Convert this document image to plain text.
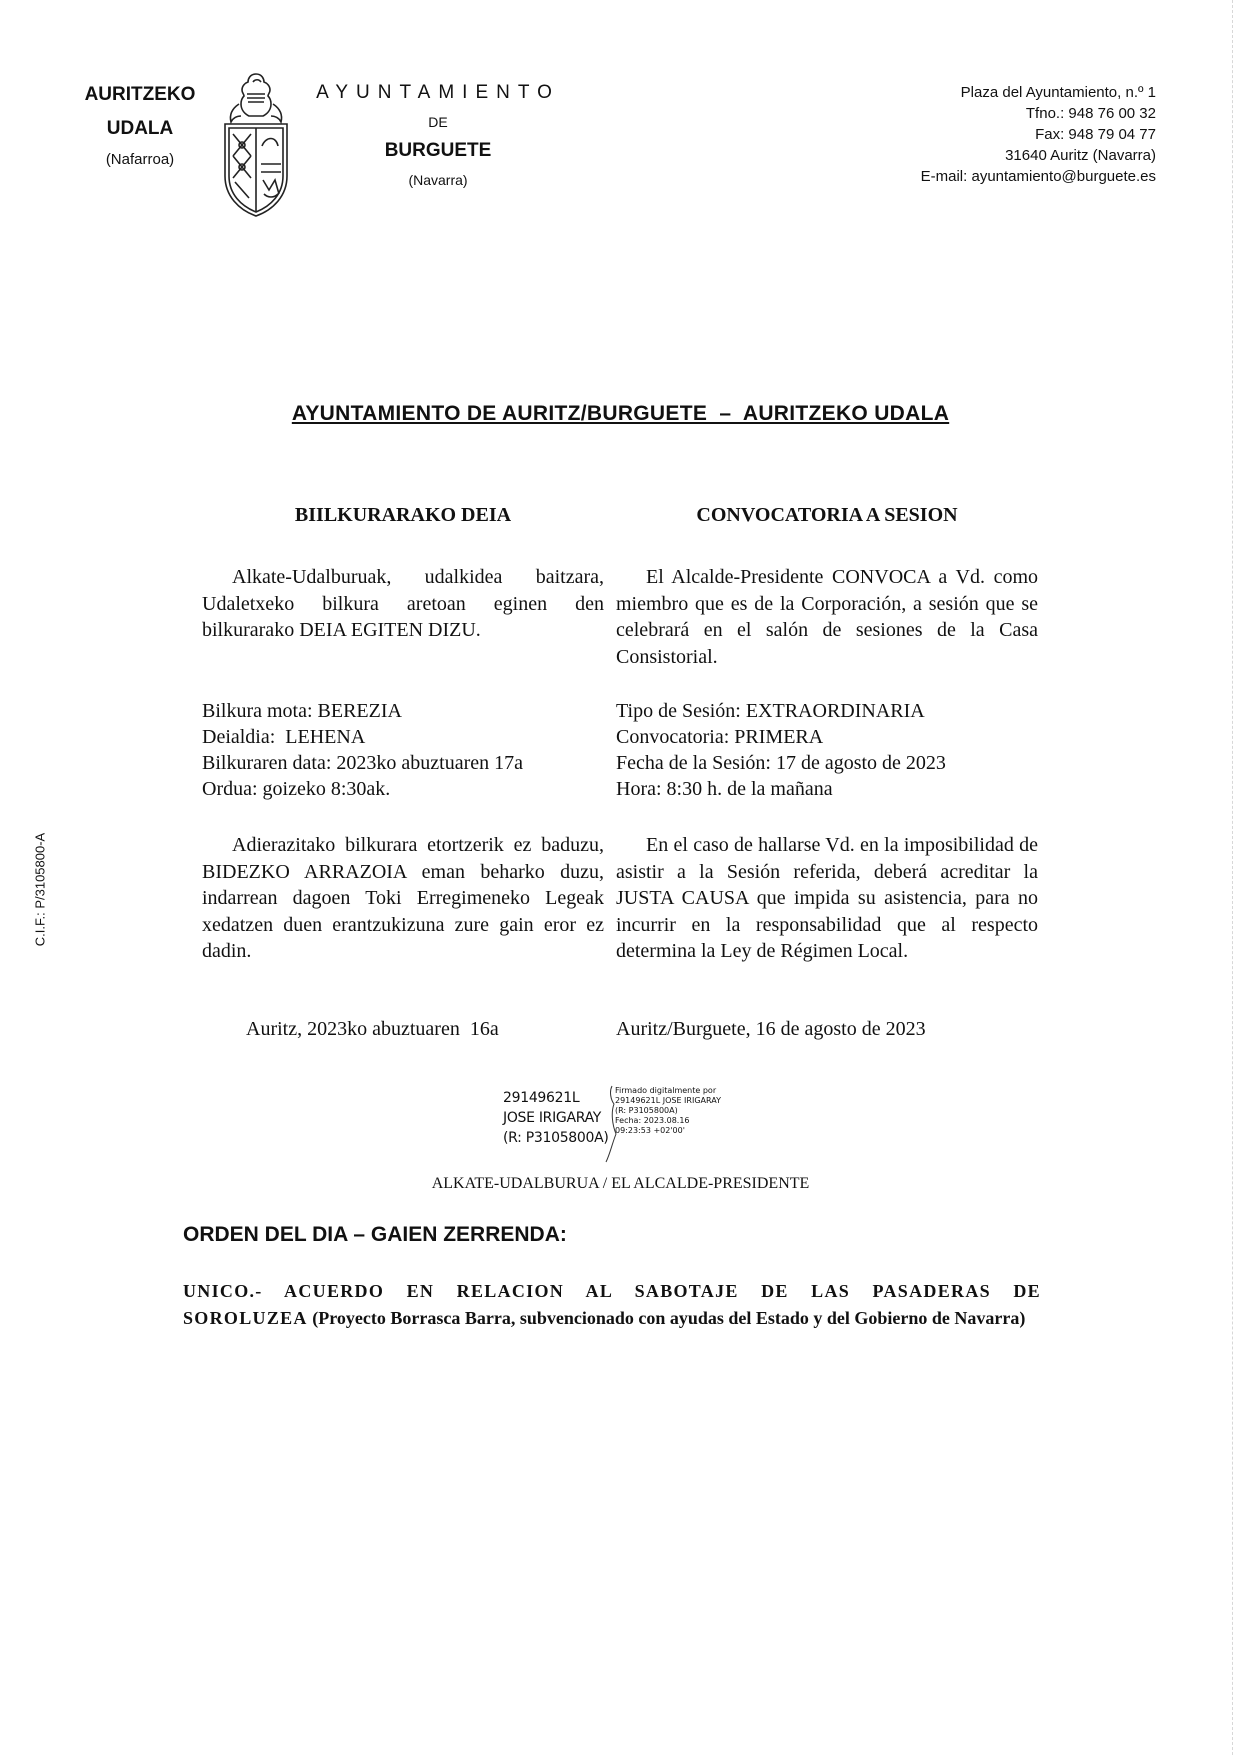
AURITZEKO
UDALA
(Nafarroa)
AYUNTAMIENTO
DE
BURGUETE
(Navarra)
Plaza del Ayuntamiento, n.º 1
Tfno.: 948 76 00 32
Fax: 948 79 04 77
31640 Auritz (Navarra)
E-mail: ayuntamiento@burguete.es
C.I.F.: P/3105800-A
AYUNTAMIENTO DE AURITZ/BURGUETE  –  AURITZEKO UDALA
BIILKURARAKO DEIA	CONVOCATORIA A SESION
Alkate-Udalburuak, udalkidea baitzara, Udaletxeko bilkura aretoan eginen den bilkurarako DEIA EGITEN DIZU.
El Alcalde-Presidente CONVOCA a Vd. como miembro que es de la Corporación, a sesión que se celebrará en el salón de sesiones de la Casa Consistorial.
Bilkura mota: BEREZIA
Deialdia:  LEHENA
Bilkuraren data: 2023ko abuztuaren 17a
Ordua: goizeko 8:30ak.
Tipo de Sesión: EXTRAORDINARIA
Convocatoria: PRIMERA
Fecha de la Sesión: 17 de agosto de 2023
Hora: 8:30 h. de la mañana
Adierazitako bilkurara etortzerik ez baduzu, BIDEZKO ARRAZOIA eman beharko duzu, indarrean dagoen Toki Erregimeneko Legeak xedatzen duen erantzukizuna zure gain eror ez dadin.
En el caso de hallarse Vd. en la imposibilidad de asistir a la Sesión referida, deberá acreditar la JUSTA CAUSA que impida su asistencia, para no incurrir en la responsabilidad que al respecto determina la Ley de Régimen Local.
Auritz, 2023ko abuztuaren  16a	Auritz/Burguete, 16 de agosto de 2023
29149621L
JOSE IRIGARAY
(R: P3105800A)
Firmado digitalmente por
29149621L JOSE IRIGARAY
(R: P3105800A)
Fecha: 2023.08.16
09:23:53 +02'00'
ALKATE-UDALBURUA / EL ALCALDE-PRESIDENTE
ORDEN DEL DIA – GAIEN ZERRENDA:
UNICO.- ACUERDO EN RELACION AL SABOTAJE DE LAS PASADERAS DE SOROLUZEA (Proyecto Borrasca Barra, subvencionado con ayudas del Estado y del Gobierno de Navarra)
